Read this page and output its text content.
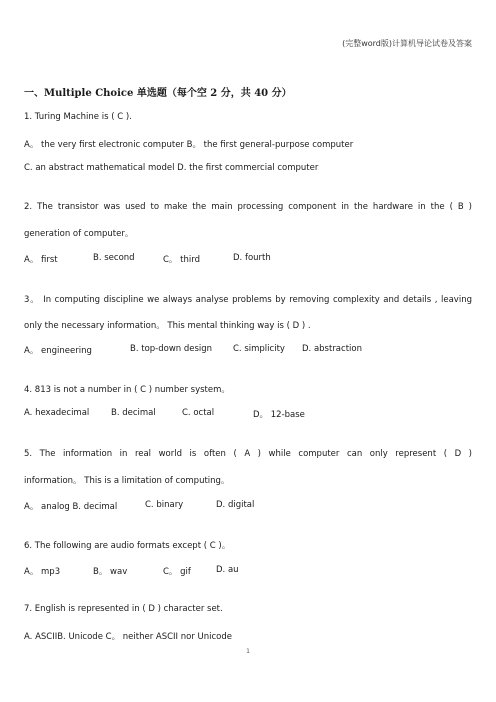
(完整word版)计算机导论试卷及答案
一、Multiple Choice 单选题（每个空 2 分，共 40 分）
1. Turing Machine is ( C ).
A。 the very first electronic computer B。 the first general-purpose computer
C. an abstract mathematical model D. the first commercial computer
2. The transistor was used to make the main processing component in the hardware in the ( B )
generation of computer。
A。 first	B. second	C。 third	D. fourth
3。 In computing discipline we always analyse problems by removing complexity and details , leaving
only the necessary information。 This mental thinking way is ( D ) .
A。 engineering	B. top-down design C. simplicity D. abstraction
4. 813 is not a number in ( C ) number system。
A. hexadecimal	B. decimal	C. octal	D。 12-base
5. The information in real world is often ( A ) while computer can only represent ( D )
information。 This is a limitation of computing。
A。 analog B. decimal	C. binary	D. digital
6. The following are audio formats except ( C )。
A。 mp3	B。 wav	C。 gif	D. au
7. English is represented in ( D ) character set.
A. ASCIIB. Unicode C。 neither ASCII nor Unicode
1
